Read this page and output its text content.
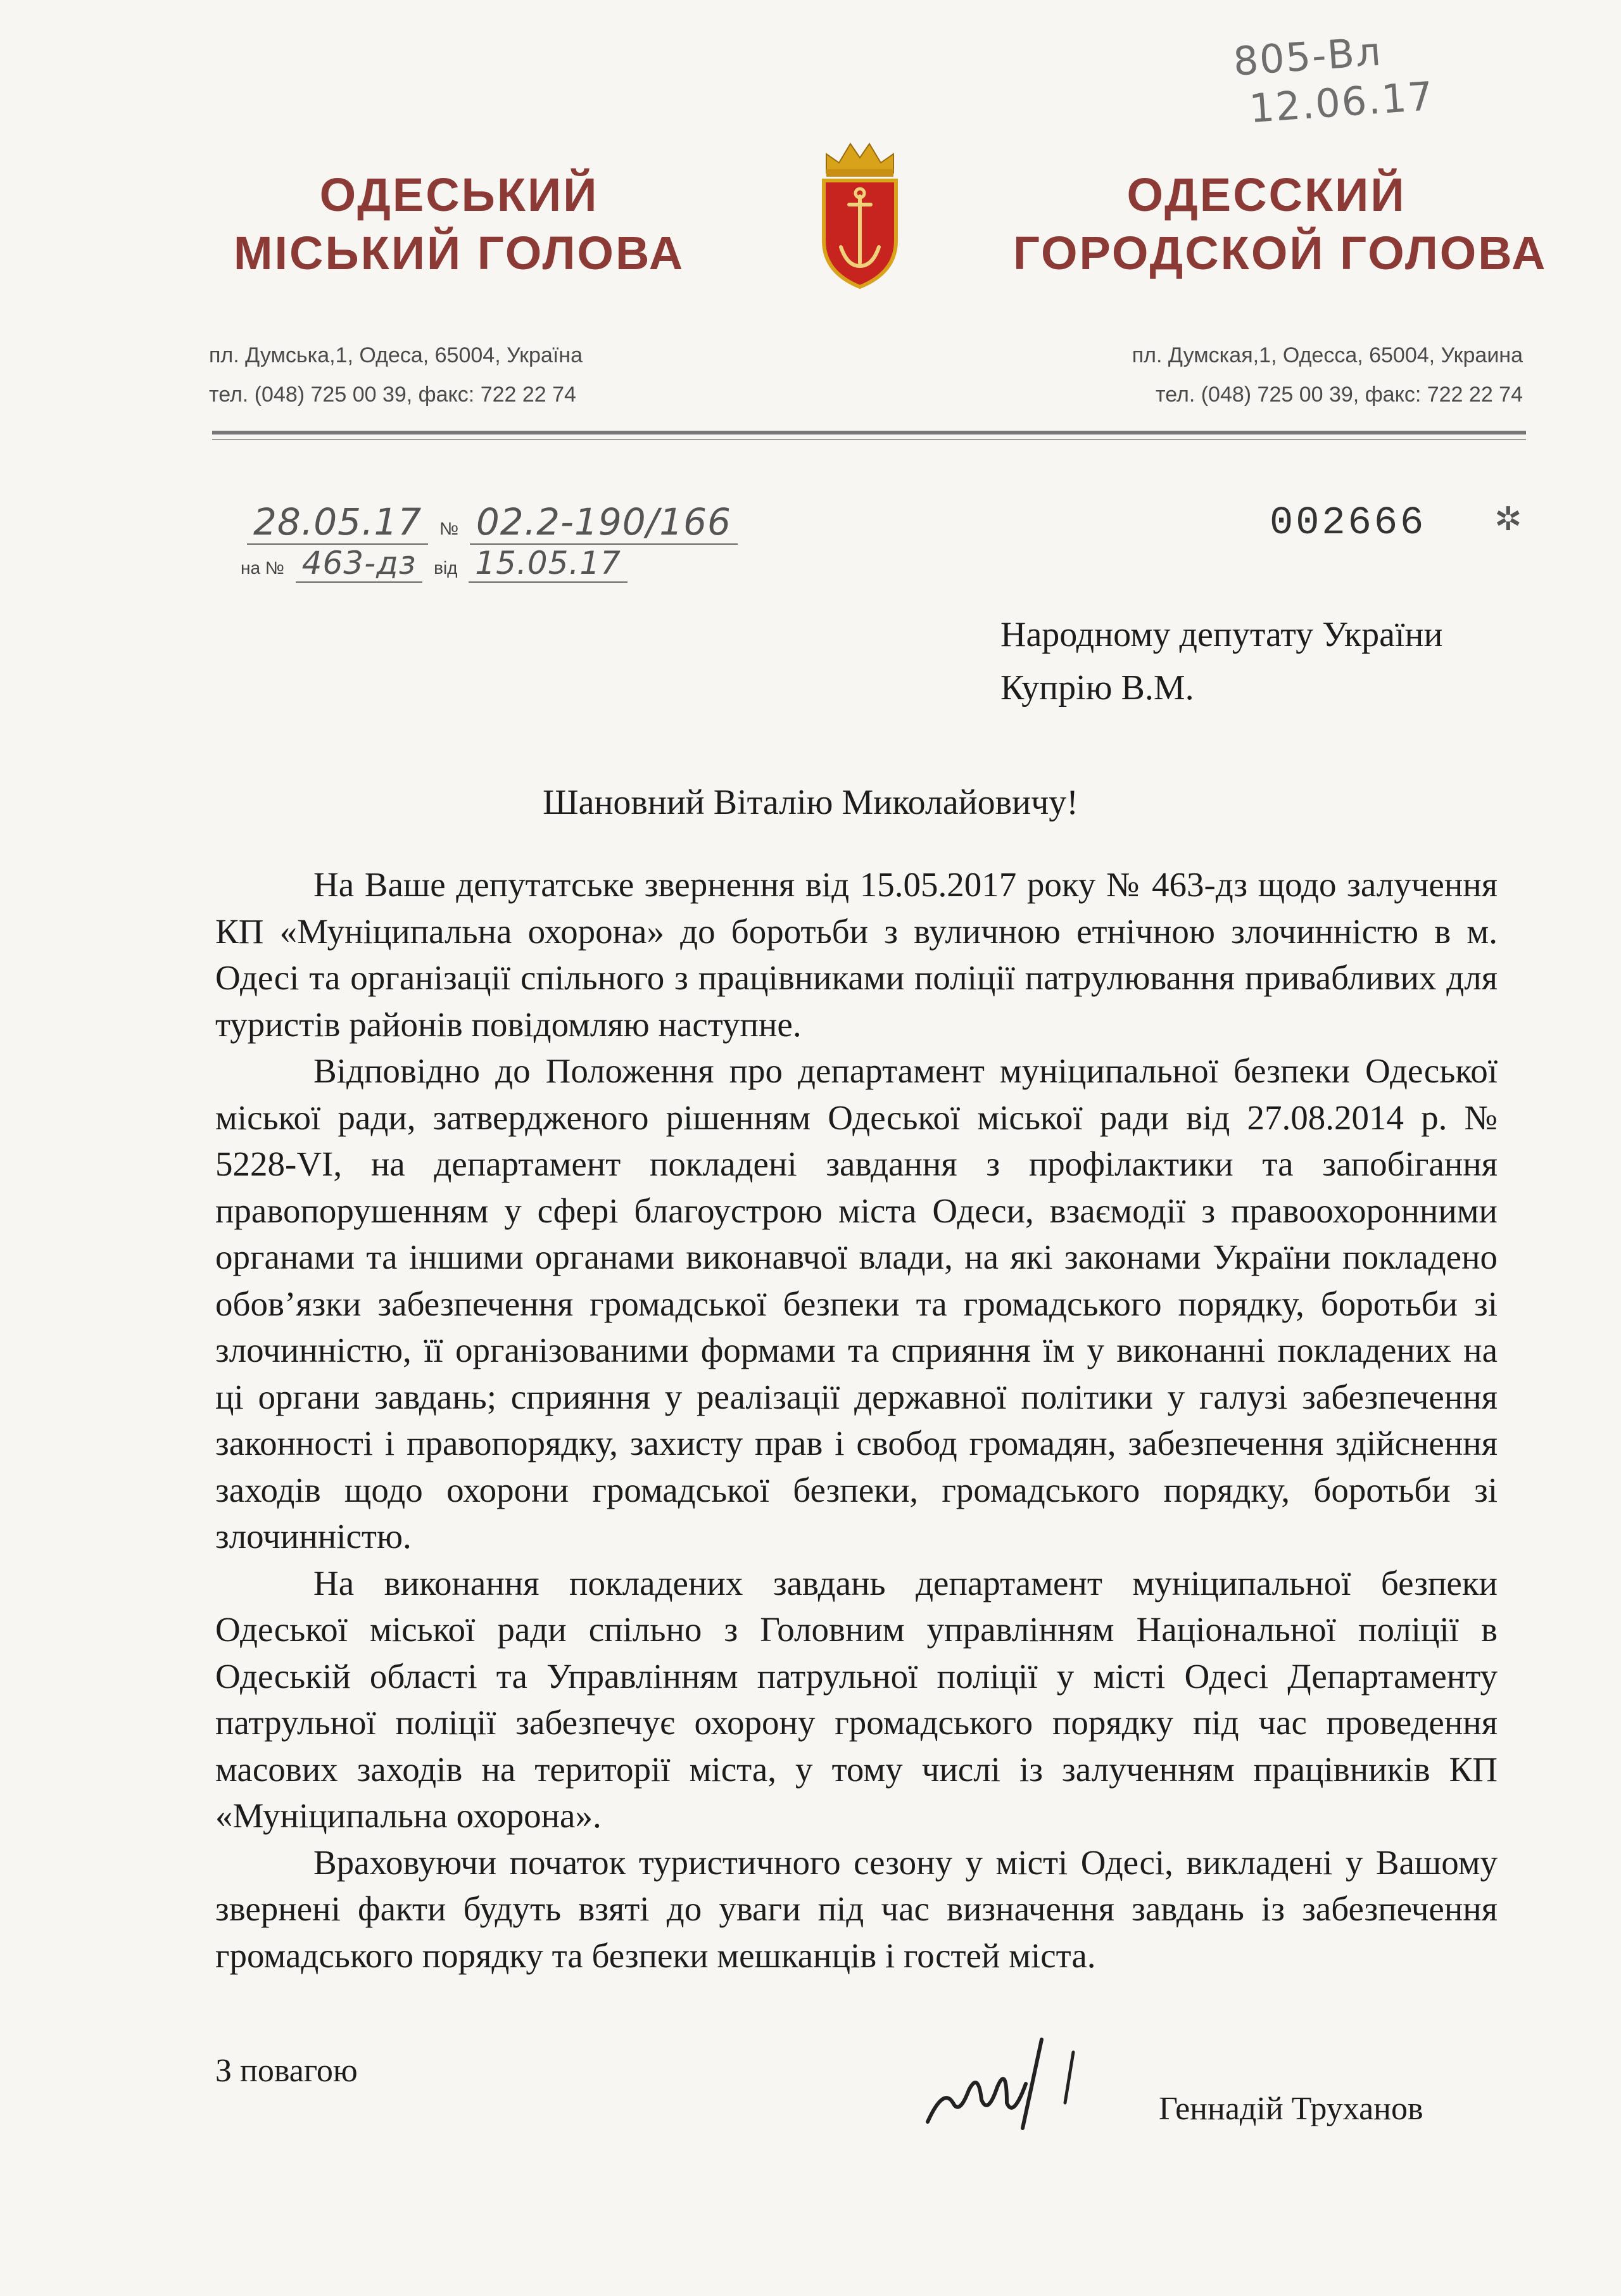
805-Вл
12.06.17
ОДЕСЬКИЙ
МІСЬКИЙ ГОЛОВА
ОДЕССКИЙ
ГОРОДСКОЙ ГОЛОВА
пл. Думська,1, Одеса, 65004, Україна
тел. (048) 725 00 39, факс: 722 22 74
пл. Думская,1, Одесса, 65004, Украина
тел. (048) 725 00 39, факс: 722 22 74
28.05.17 № 02.2-190/166
на № 463-дз від 15.05.17
002666 ✲
Народному депутату України
Купрію В.М.
Шановний Віталію Миколайовичу!

На Ваше депутатське звернення від 15.05.2017 року № 463-дз щодо залучення КП «Муніципальна охорона» до боротьби з вуличною етнічною злочинністю в м. Одесі та організації спільного з працівниками поліції патрулювання привабливих для туристів районів повідомляю наступне.

Відповідно до Положення про департамент муніципальної безпеки Одеської міської ради, затвердженого рішенням Одеської міської ради від 27.08.2014 р. № 5228-VI, на департамент покладені завдання з профілактики та запобігання правопорушенням у сфері благоустрою міста Одеси, взаємодії з правоохоронними органами та іншими органами виконавчої влади, на які законами України покладено обов’язки забезпечення громадської безпеки та громадського порядку, боротьби зі злочинністю, її організованими формами та сприяння їм у виконанні покладених на ці органи завдань; сприяння у реалізації державної політики у галузі забезпечення законності і правопорядку, захисту прав і свобод громадян, забезпечення здійснення заходів щодо охорони громадської безпеки, громадського порядку, боротьби зі злочинністю.

На виконання покладених завдань департамент муніципальної безпеки Одеської міської ради спільно з Головним управлінням Національної поліції в Одеській області та Управлінням патрульної поліції у місті Одесі Департаменту патрульної поліції забезпечує охорону громадського порядку під час проведення масових заходів на території міста, у тому числі із залученням працівників КП «Муніципальна охорона».

Враховуючи початок туристичного сезону у місті Одесі, викладені у Вашому звернені факти будуть взяті до уваги під час визначення завдань із забезпечення громадського порядку та безпеки мешканців і гостей міста.

З повагою
Геннадій Труханов
